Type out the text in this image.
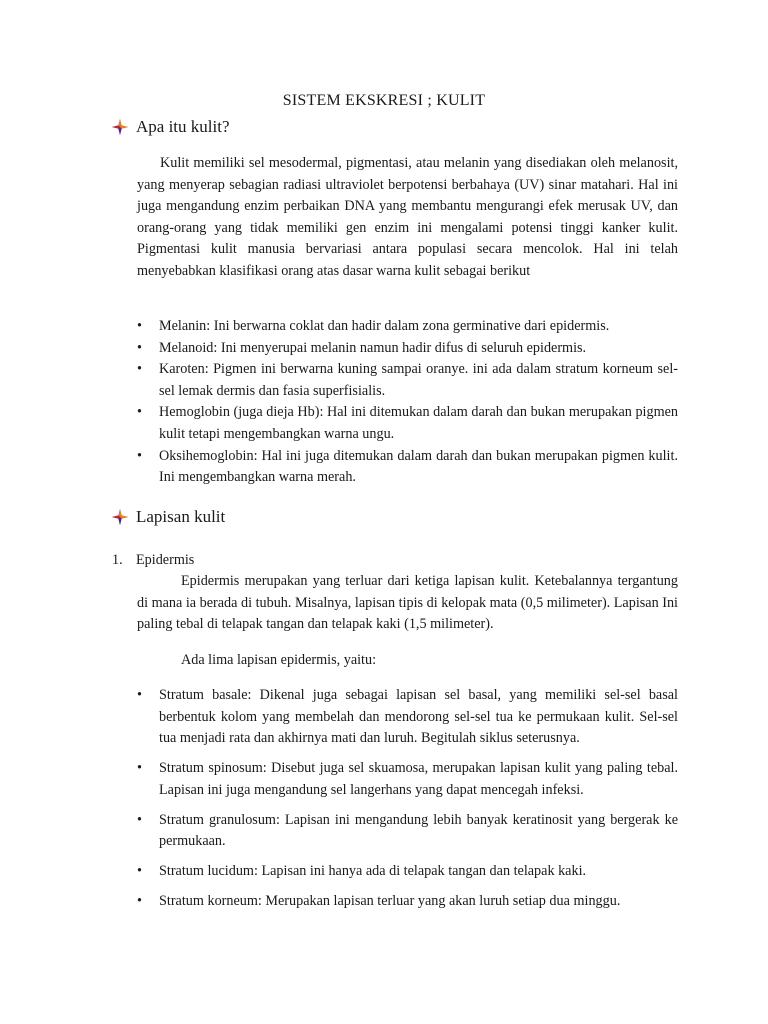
SISTEM EKSKRESI ; KULIT
Apa itu kulit?
Kulit memiliki sel mesodermal, pigmentasi, atau melanin yang disediakan oleh melanosit, yang menyerap sebagian radiasi ultraviolet berpotensi berbahaya (UV) sinar matahari. Hal ini juga mengandung enzim perbaikan DNA yang membantu mengurangi efek merusak UV, dan orang-orang yang tidak memiliki gen enzim ini mengalami potensi tinggi kanker kulit. Pigmentasi kulit manusia bervariasi antara populasi secara mencolok. Hal ini telah menyebabkan klasifikasi orang atas dasar warna kulit sebagai berikut
• Melanin: Ini berwarna coklat dan hadir dalam zona germinative dari epidermis.
• Melanoid: Ini menyerupai melanin namun hadir difus di seluruh epidermis.
• Karoten: Pigmen ini berwarna kuning sampai oranye. ini ada dalam stratum korneum sel-sel lemak dermis dan fasia superfisialis.
• Hemoglobin (juga dieja Hb): Hal ini ditemukan dalam darah dan bukan merupakan pigmen kulit tetapi mengembangkan warna ungu.
• Oksihemoglobin: Hal ini juga ditemukan dalam darah dan bukan merupakan pigmen kulit. Ini mengembangkan warna merah.
Lapisan kulit
1. Epidermis
Epidermis merupakan yang terluar dari ketiga lapisan kulit. Ketebalannya tergantung di mana ia berada di tubuh. Misalnya, lapisan tipis di kelopak mata (0,5 milimeter). Lapisan Ini paling tebal di telapak tangan dan telapak kaki (1,5 milimeter).
Ada lima lapisan epidermis, yaitu:
• Stratum basale: Dikenal juga sebagai lapisan sel basal, yang memiliki sel-sel basal berbentuk kolom yang membelah dan mendorong sel-sel tua ke permukaan kulit. Sel-sel tua menjadi rata dan akhirnya mati dan luruh. Begitulah siklus seterusnya.
• Stratum spinosum: Disebut juga sel skuamosa, merupakan lapisan kulit yang paling tebal. Lapisan ini juga mengandung sel langerhans yang dapat mencegah infeksi.
• Stratum granulosum: Lapisan ini mengandung lebih banyak keratinosit yang bergerak ke permukaan.
• Stratum lucidum: Lapisan ini hanya ada di telapak tangan dan telapak kaki.
• Stratum korneum: Merupakan lapisan terluar yang akan luruh setiap dua minggu.
